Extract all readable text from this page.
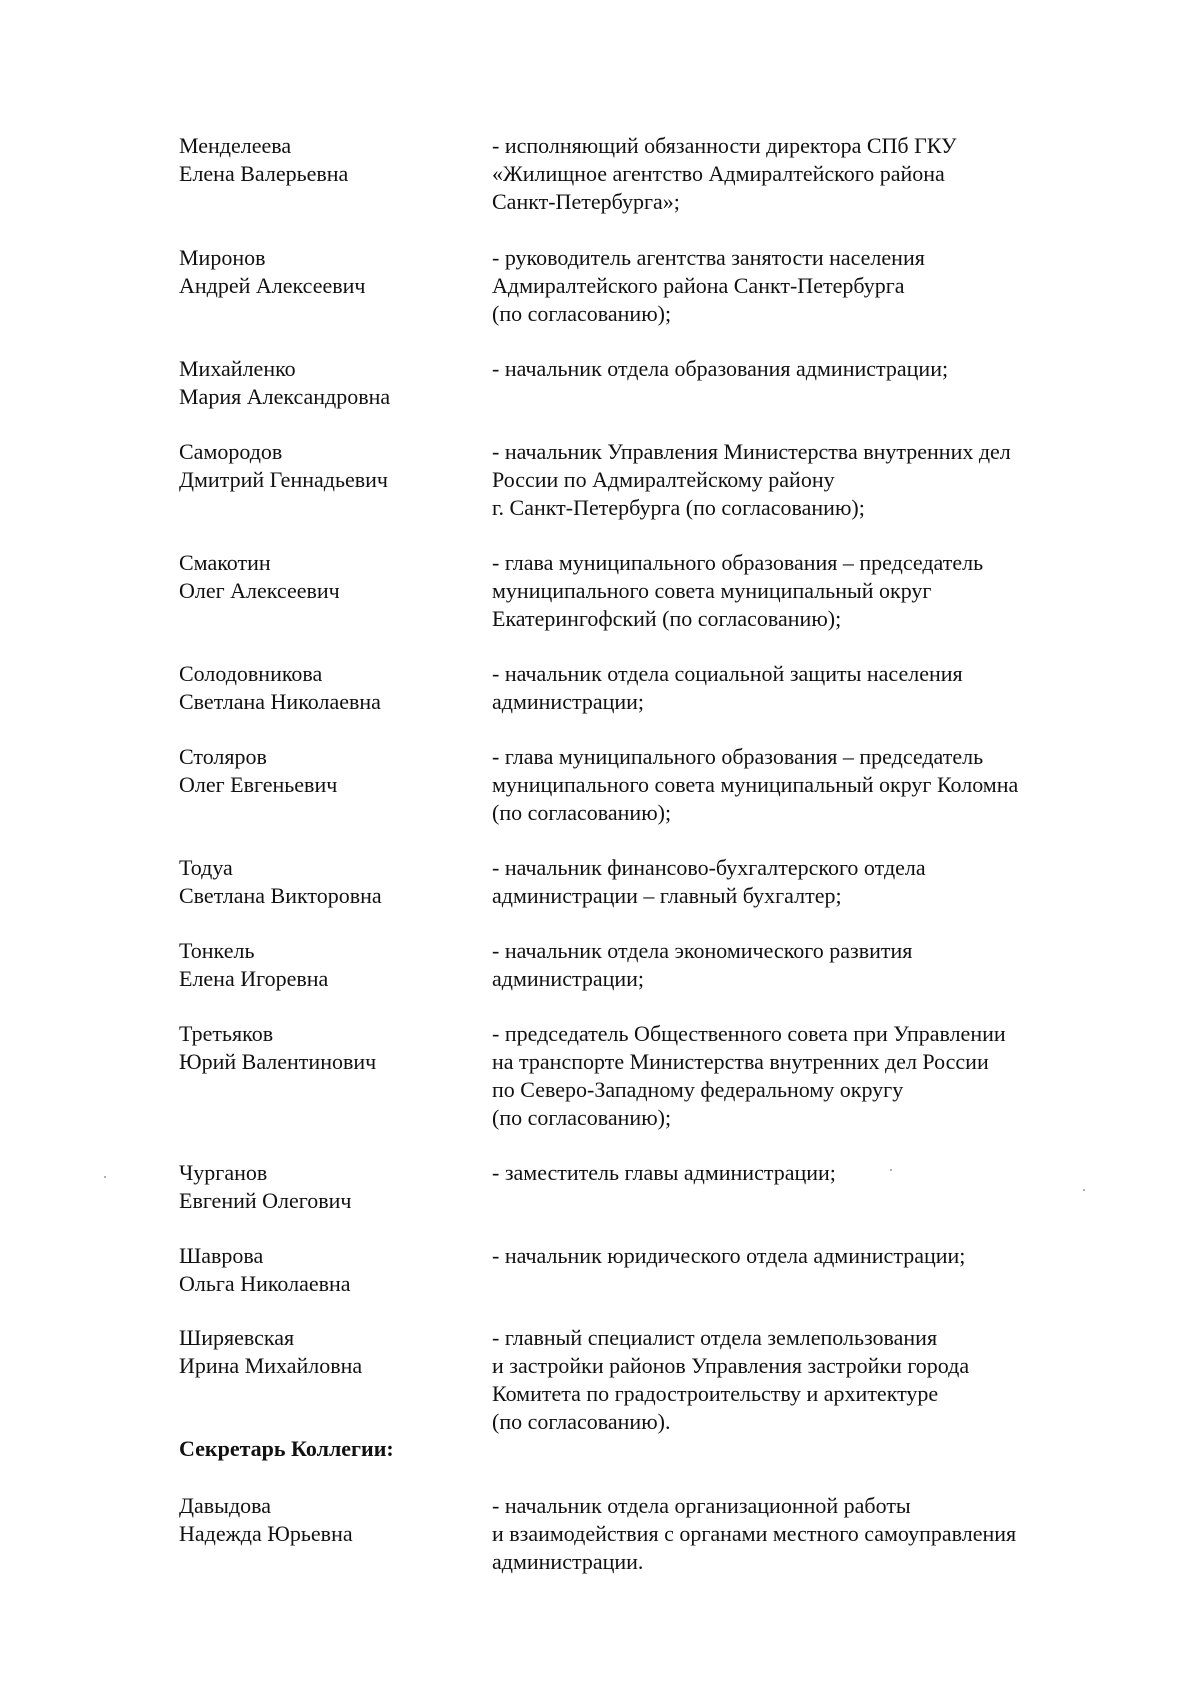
Менделеева
Елена Валерьевна
- исполняющий обязанности директора СПб ГКУ
«Жилищное агентство Адмиралтейского района
Санкт-Петербурга»;
Миронов
Андрей Алексеевич
- руководитель агентства занятости населения
Адмиралтейского района Санкт-Петербурга
(по согласованию);
Михайленко
Мария Александровна
- начальник отдела образования администрации;
Самородов
Дмитрий Геннадьевич
- начальник Управления Министерства внутренних дел
России по Адмиралтейскому району
г. Санкт-Петербурга (по согласованию);
Смакотин
Олег Алексеевич
- глава муниципального образования – председатель
муниципального совета муниципальный округ
Екатерингофский (по согласованию);
Солодовникова
Светлана Николаевна
- начальник отдела социальной защиты населения
администрации;
Столяров
Олег Евгеньевич
- глава муниципального образования – председатель
муниципального совета муниципальный округ Коломна
(по согласованию);
Тодуа
Светлана Викторовна
- начальник финансово-бухгалтерского отдела
администрации – главный бухгалтер;
Тонкель
Елена Игоревна
- начальник отдела экономического развития
администрации;
Третьяков
Юрий Валентинович
- председатель Общественного совета при Управлении
на транспорте Министерства внутренних дел России
по Северо-Западному федеральному округу
(по согласованию);
Чурганов
Евгений Олегович
- заместитель главы администрации;
Шаврова
Ольга Николаевна
- начальник юридического отдела администрации;
Ширяевская
Ирина Михайловна
- главный специалист отдела землепользования
и застройки районов Управления застройки города
Комитета по градостроительству и архитектуре
(по согласованию).
Секретарь Коллегии:
Давыдова
Надежда Юрьевна
- начальник отдела организационной работы
и взаимодействия с органами местного самоуправления
администрации.
